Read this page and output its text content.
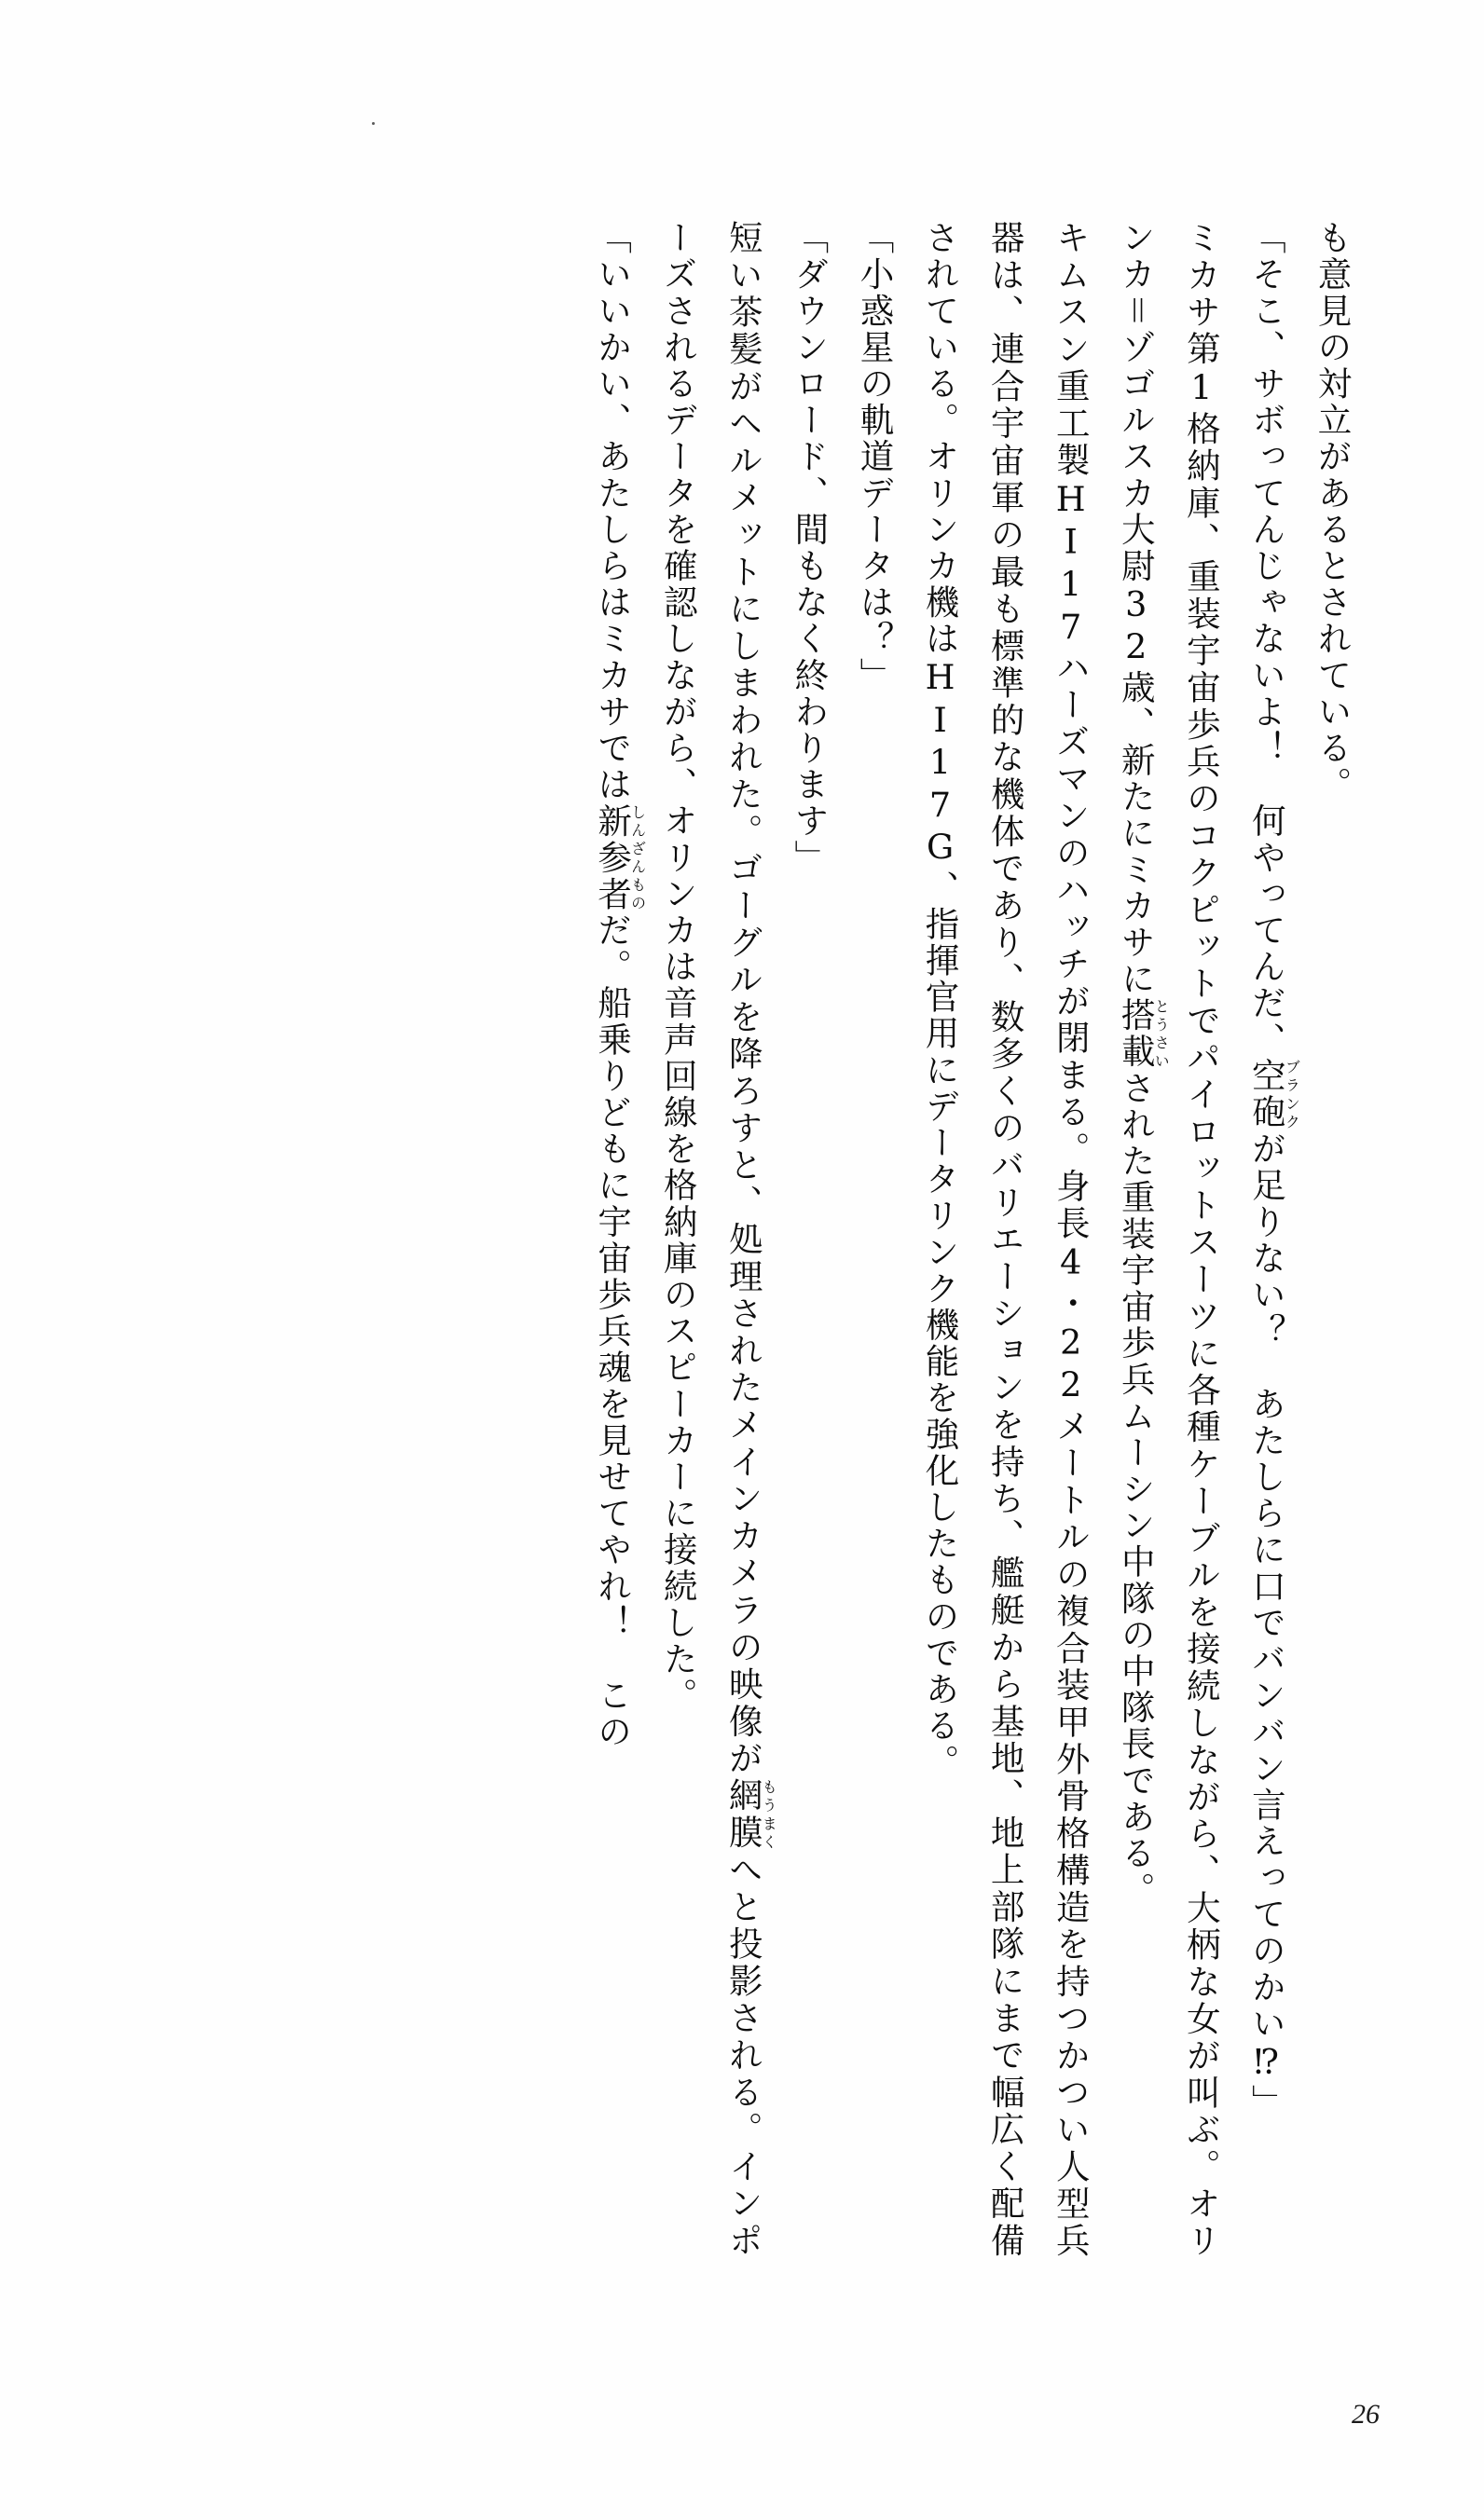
も意見の対立があるとされている。

「そこ、サボってんじゃないよ！　何やってんだ、空砲ブランクが足りない？　あたしらに口でバンバン言えってのかい⁉」

ミカサ第1格納庫、重装宇宙歩兵のコクピットでパイロットスーツに各種ケーブルを接続しながら、大柄な女が叫ぶ。オリンカ＝ゾゴルスカ大尉32歳、新たにミカサに搭載とうさいされた重装宇宙歩兵ムーシン中隊の中隊長である。

キムスン重工製HI17ハーズマンのハッチが閉まる。身長4・22メートルの複合装甲外骨格構造を持つかつい人型兵器は、連合宇宙軍の最も標準的な機体であり、数多くのバリエーションを持ち、艦艇から基地、地上部隊にまで幅広く配備されている。オリンカ機はHI17G、指揮官用にデータリンク機能を強化したものである。

「小惑星の軌道データは？」

「ダウンロード、間もなく終わります」

短い茶髪がヘルメットにしまわれた。ゴーグルを降ろすと、処理されたメインカメラの映像が網膜もうまくへと投影される。インポーズされるデータを確認しながら、オリンカは音声回線を格納庫のスピーカーに接続した。

「いいかい、あたしらはミカサでは新参者しんざんものだ。船乗りどもに宇宙歩兵魂を見せてやれ！　この

26
